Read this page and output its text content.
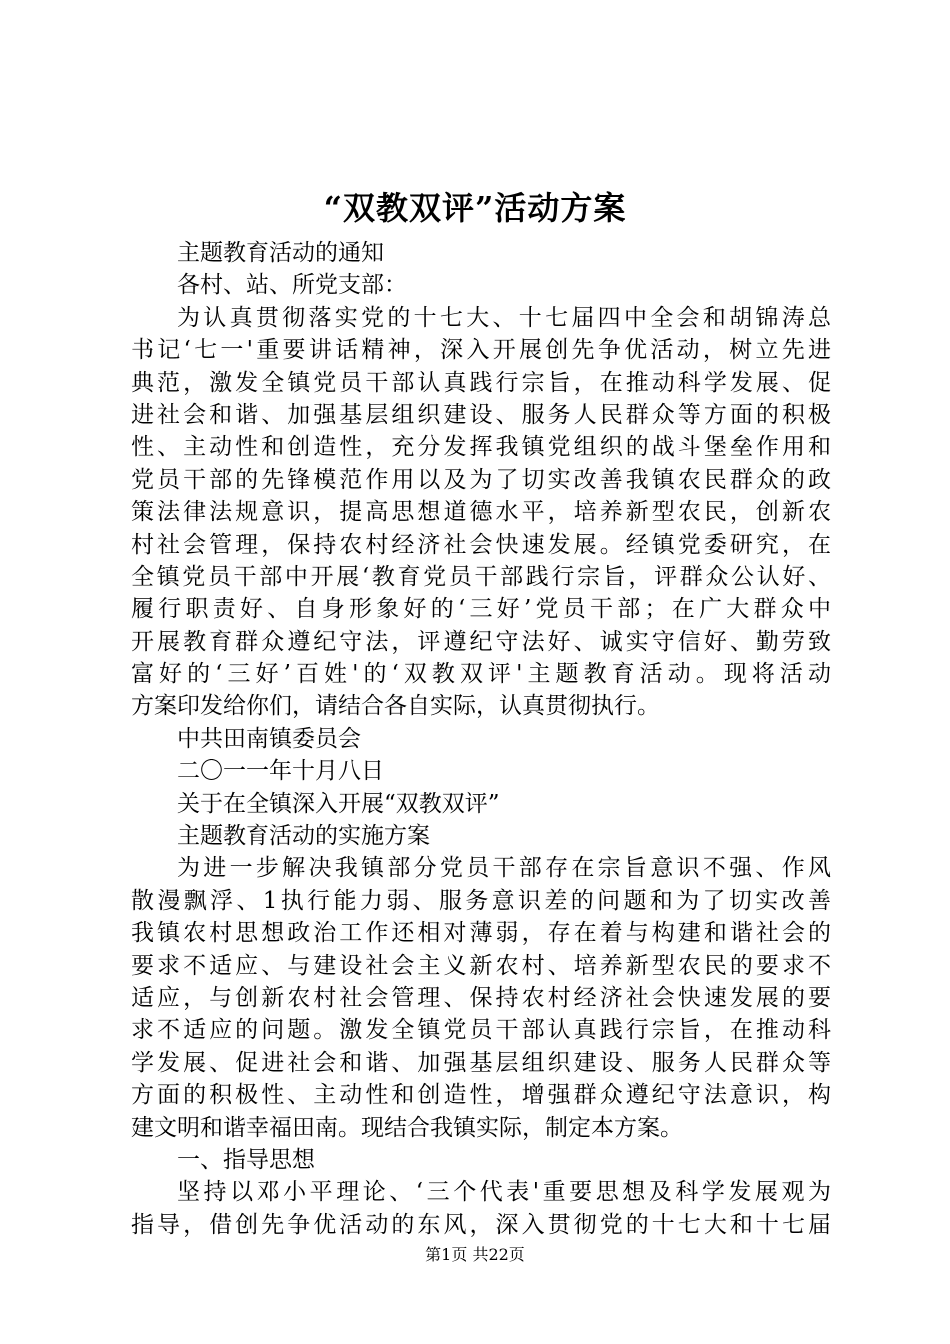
“双教双评”活动方案
主题教育活动的通知
各村、站、所党支部：
为认真贯彻落实党的十七大、十七届四中全会和胡锦涛总
书记‘七一'重要讲话精神，深入开展创先争优活动，树立先进
典范，激发全镇党员干部认真践行宗旨，在推动科学发展、促
进社会和谐、加强基层组织建设、服务人民群众等方面的积极
性、主动性和创造性，充分发挥我镇党组织的战斗堡垒作用和
党员干部的先锋模范作用以及为了切实改善我镇农民群众的政
策法律法规意识，提高思想道德水平，培养新型农民，创新农
村社会管理，保持农村经济社会快速发展。经镇党委研究，在
全镇党员干部中开展‘教育党员干部践行宗旨，评群众公认好、
履行职责好、自身形象好的‘三好’党员干部；在广大群众中
开展教育群众遵纪守法，评遵纪守法好、诚实守信好、勤劳致
富好的‘三好’百姓'的‘双教双评'主题教育活动。现将活动
方案印发给你们，请结合各自实际，认真贯彻执行。
中共田南镇委员会
二〇一一年十月八日
关于在全镇深入开展“双教双评”
主题教育活动的实施方案
为进一步解决我镇部分党员干部存在宗旨意识不强、作风
散漫飘浮、1执行能力弱、服务意识差的问题和为了切实改善
我镇农村思想政治工作还相对薄弱，存在着与构建和谐社会的
要求不适应、与建设社会主义新农村、培养新型农民的要求不
适应，与创新农村社会管理、保持农村经济社会快速发展的要
求不适应的问题。激发全镇党员干部认真践行宗旨，在推动科
学发展、促进社会和谐、加强基层组织建设、服务人民群众等
方面的积极性、主动性和创造性，增强群众遵纪守法意识，构
建文明和谐幸福田南。现结合我镇实际，制定本方案。
一、指导思想
坚持以邓小平理论、‘三个代表'重要思想及科学发展观为
指导，借创先争优活动的东风，深入贯彻党的十七大和十七届
第1页 共22页
